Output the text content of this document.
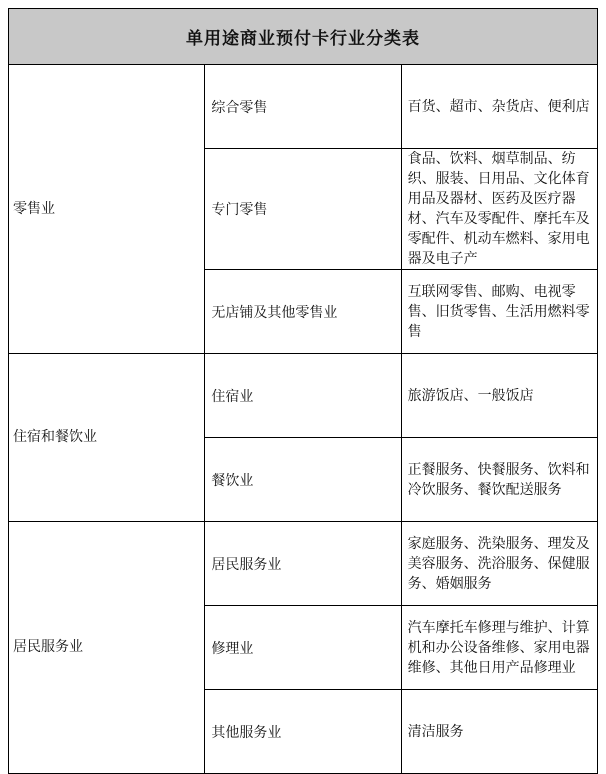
单用途商业预付卡行业分类表		
零售业	综合零售	百货、超市、杂货店、便利店
	专门零售	食品、饮料、烟草制品、纺织、服装、日用品、文化体育用品及器材、医药及医疗器材、汽车及零配件、摩托车及零配件、机动车燃料、家用电器及电子产
	无店铺及其他零售业	互联网零售、邮购、电视零售、旧货零售、生活用燃料零售
住宿和餐饮业	住宿业	旅游饭店、一般饭店
	餐饮业	正餐服务、快餐服务、饮料和冷饮服务、餐饮配送服务
居民服务业	居民服务业	家庭服务、洗染服务、理发及美容服务、洗浴服务、保健服务、婚姻服务
	修理业	汽车摩托车修理与维护、计算机和办公设备维修、家用电器维修、其他日用产品修理业
	其他服务业	清洁服务
